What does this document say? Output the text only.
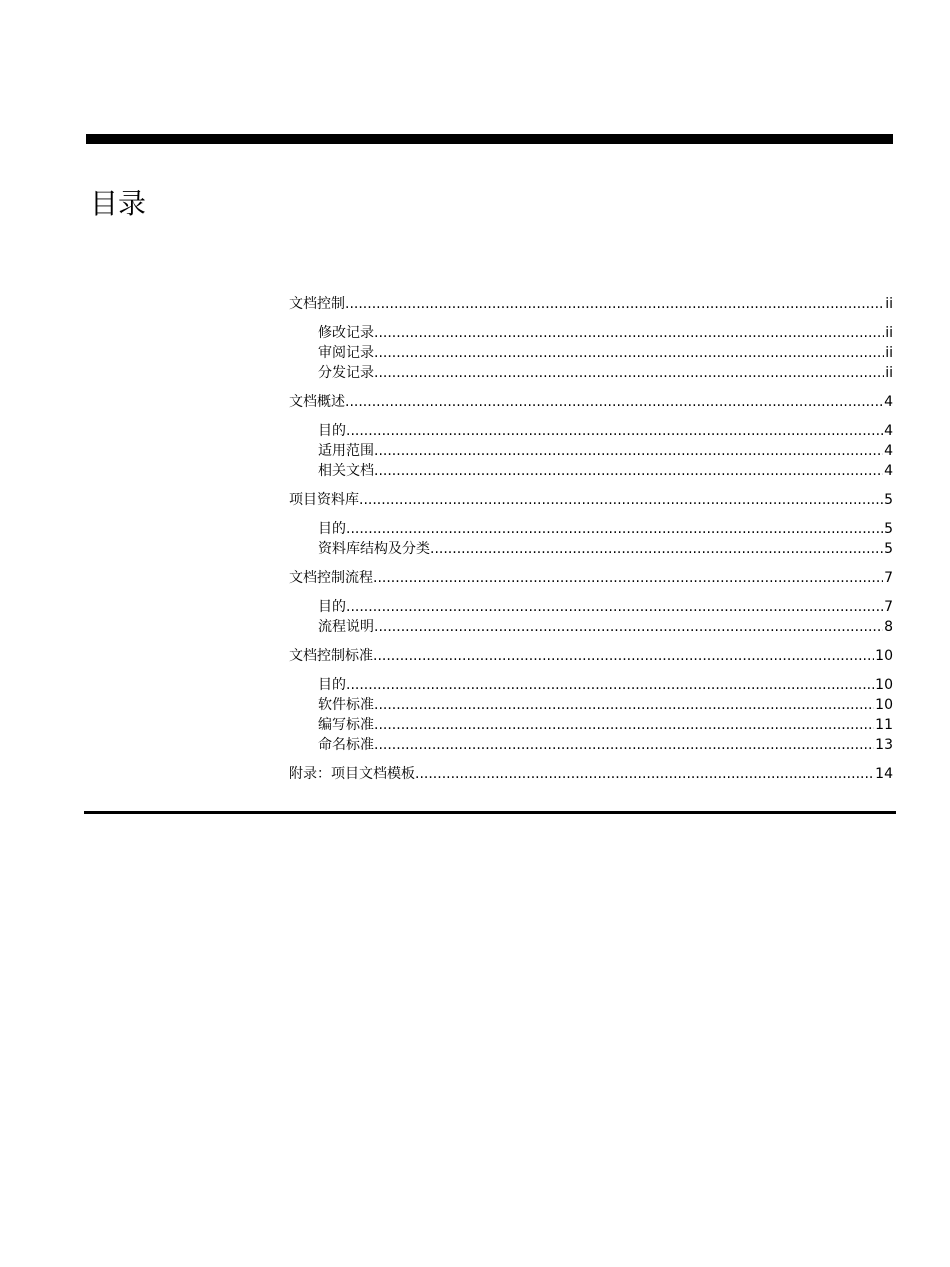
目录
文档控制 .....	ii
修改记录 .....	ii
审阅记录 .....	ii
分发记录 .....	ii
文档概述 .....	4
目的 .....	4
适用范围 .....	4
相关文档 .....	4
项目资料库 .....	5
目的 .....	5
资料库结构及分类 .....	5
文档控制流程 .....	7
目的 .....	7
流程说明 .....	8
文档控制标准 .....	10
目的 .....	10
软件标准 .....	10
编写标准 .....	11
命名标准 .....	13
附录：项目文档模板 .....	14
